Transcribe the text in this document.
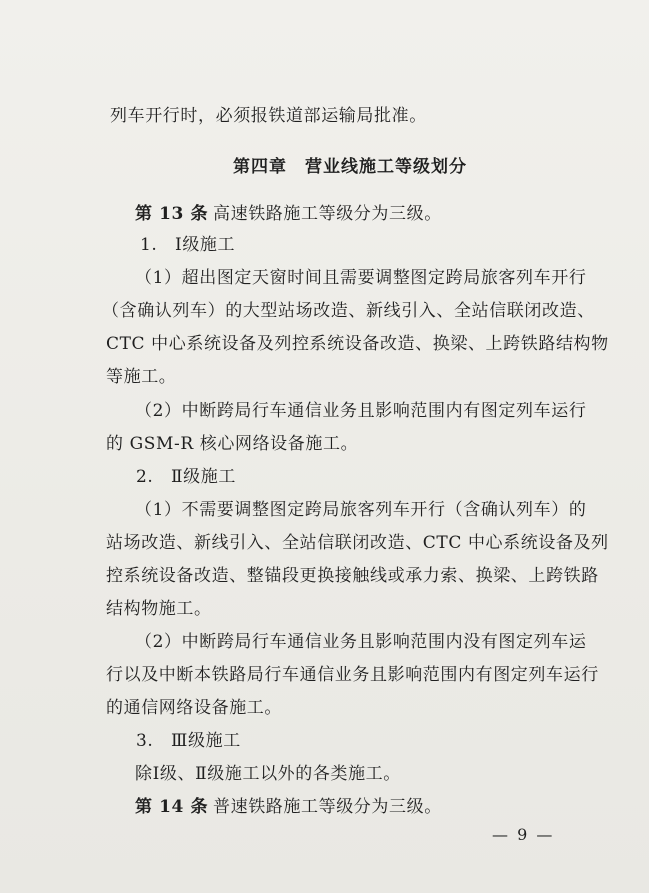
列车开行时，必须报铁道部运输局批准。
第四章　营业线施工等级划分
第 13 条 高速铁路施工等级分为三级。
1.　Ⅰ级施工
（1）超出图定天窗时间且需要调整图定跨局旅客列车开行
（含确认列车）的大型站场改造、新线引入、全站信联闭改造、
CTC 中心系统设备及列控系统设备改造、换梁、上跨铁路结构物
等施工。
（2）中断跨局行车通信业务且影响范围内有图定列车运行
的 GSM-R 核心网络设备施工。
2.　Ⅱ级施工
（1）不需要调整图定跨局旅客列车开行（含确认列车）的
站场改造、新线引入、全站信联闭改造、CTC 中心系统设备及列
控系统设备改造、整锚段更换接触线或承力索、换梁、上跨铁路
结构物施工。
（2）中断跨局行车通信业务且影响范围内没有图定列车运
行以及中断本铁路局行车通信业务且影响范围内有图定列车运行
的通信网络设备施工。
3.　Ⅲ级施工
除Ⅰ级、Ⅱ级施工以外的各类施工。
第 14 条 普速铁路施工等级分为三级。
— 9 —
